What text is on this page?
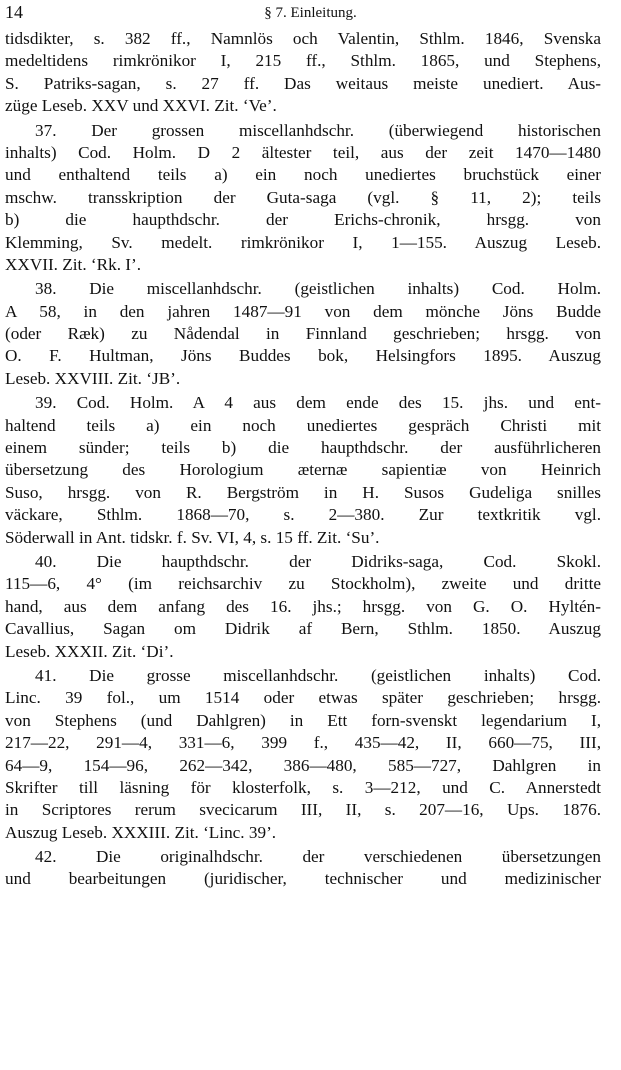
14	§ 7. Einleitung.
tidsdikter, s. 382 ff., Namnlös och Valentin, Sthlm. 1846, Svenska
medeltidens rimkrönikor I, 215 ff., Sthlm. 1865, und Stephens,
S. Patriks-sagan, s. 27 ff. Das weitaus meiste unediert. Aus-
züge Leseb. XXV und XXVI. Zit. ‘Ve’.
37. Der grossen miscellanhdschr. (überwiegend historischen
inhalts) Cod. Holm. D 2 ältester teil, aus der zeit 1470—1480
und enthaltend teils a) ein noch unediertes bruchstück einer
mschw. transskription der Guta-saga (vgl. § 11, 2); teils
b) die haupthdschr. der Erichs-chronik, hrsgg. von
Klemming, Sv. medelt. rimkrönikor I, 1—155. Auszug Leseb.
XXVII. Zit. ‘Rk. I’.
38. Die miscellanhdschr. (geistlichen inhalts) Cod. Holm.
A 58, in den jahren 1487—91 von dem mönche Jöns Budde
(oder Ræk) zu Nådendal in Finnland geschrieben; hrsgg. von
O. F. Hultman, Jöns Buddes bok, Helsingfors 1895. Auszug
Leseb. XXVIII. Zit. ‘JB’.
39. Cod. Holm. A 4 aus dem ende des 15. jhs. und ent-
haltend teils a) ein noch unediertes gespräch Christi mit
einem sünder; teils b) die haupthdschr. der ausführlicheren
übersetzung des Horologium æternæ sapientiæ von Heinrich
Suso, hrsgg. von R. Bergström in H. Susos Gudeliga snilles
väckare, Sthlm. 1868—70, s. 2—380. Zur textkritik vgl.
Söderwall in Ant. tidskr. f. Sv. VI, 4, s. 15 ff. Zit. ‘Su’.
40. Die haupthdschr. der Didriks-saga, Cod. Skokl.
115—6, 4° (im reichsarchiv zu Stockholm), zweite und dritte
hand, aus dem anfang des 16. jhs.; hrsgg. von G. O. Hyltén-
Cavallius, Sagan om Didrik af Bern, Sthlm. 1850. Auszug
Leseb. XXXII. Zit. ‘Di’.
41. Die grosse miscellanhdschr. (geistlichen inhalts) Cod.
Linc. 39 fol., um 1514 oder etwas später geschrieben; hrsgg.
von Stephens (und Dahlgren) in Ett forn-svenskt legendarium I,
217—22, 291—4, 331—6, 399 f., 435—42, II, 660—75, III,
64—9, 154—96, 262—342, 386—480, 585—727, Dahlgren in
Skrifter till läsning för klosterfolk, s. 3—212, und C. Annerstedt
in Scriptores rerum svecicarum III, II, s. 207—16, Ups. 1876.
Auszug Leseb. XXXIII. Zit. ‘Linc. 39’.
42. Die originalhdschr. der verschiedenen übersetzungen
und bearbeitungen (juridischer, technischer und medizinischer
